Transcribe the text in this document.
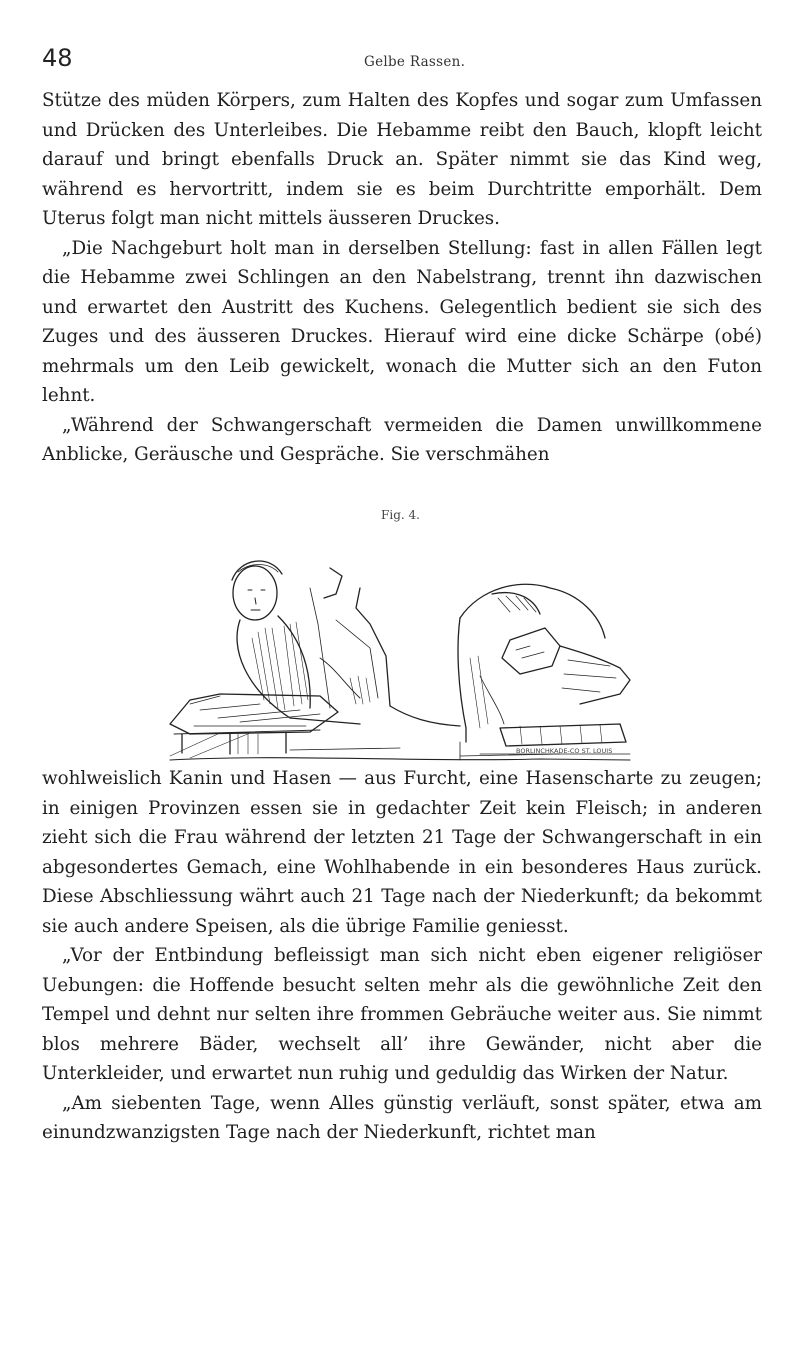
48	Gelbe Rassen.

Stütze des müden Körpers, zum Halten des Kopfes und sogar zum Umfassen und Drücken des Unterleibes. Die Hebamme reibt den Bauch, klopft leicht darauf und bringt ebenfalls Druck an. Später nimmt sie das Kind weg, während es hervortritt, indem sie es beim Durchtritte emporhält. Dem Uterus folgt man nicht mittels äusseren Druckes.

„Die Nachgeburt holt man in derselben Stellung: fast in allen Fällen legt die Hebamme zwei Schlingen an den Nabelstrang, trennt ihn dazwischen und erwartet den Austritt des Kuchens. Gelegentlich bedient sie sich des Zuges und des äusseren Druckes. Hierauf wird eine dicke Schärpe (obé) mehrmals um den Leib gewickelt, wonach die Mutter sich an den Futon lehnt.

„Während der Schwangerschaft vermeiden die Damen unwillkommene Anblicke, Geräusche und Gespräche. Sie verschmähen

Fig. 4.
BORLINCHKADE-CO ST. LOUIS

wohlweislich Kanin und Hasen — aus Furcht, eine Hasenscharte zu zeugen; in einigen Provinzen essen sie in gedachter Zeit kein Fleisch; in anderen zieht sich die Frau während der letzten 21 Tage der Schwangerschaft in ein abgesondertes Gemach, eine Wohlhabende in ein besonderes Haus zurück. Diese Abschliessung währt auch 21 Tage nach der Niederkunft; da bekommt sie auch andere Speisen, als die übrige Familie geniesst.

„Vor der Entbindung befleissigt man sich nicht eben eigener religiöser Uebungen: die Hoffende besucht selten mehr als die gewöhnliche Zeit den Tempel und dehnt nur selten ihre frommen Gebräuche weiter aus. Sie nimmt blos mehrere Bäder, wechselt all’ ihre Gewänder, nicht aber die Unterkleider, und erwartet nun ruhig und geduldig das Wirken der Natur.

„Am siebenten Tage, wenn Alles günstig verläuft, sonst später, etwa am einundzwanzigsten Tage nach der Niederkunft, richtet man
